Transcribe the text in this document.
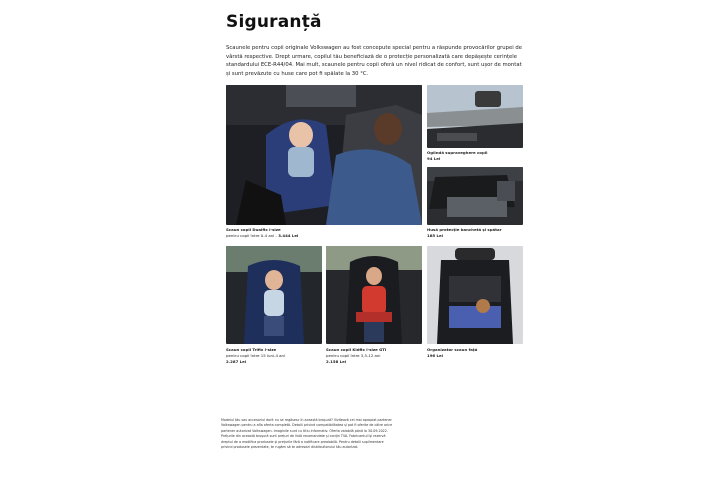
Siguranță
Scaunele pentru copii originale Volkswagen au fost concepute special pentru a răspunde provocărilor grupei de vârstă respective. Drept urmare, copilul tău beneficiază de o protecție personalizată care depășește cerințele standardului ECE-R44/04. Mai mult, scaunele pentru copii oferă un nivel ridicat de confort, sunt ușor de montat și sunt prevăzute cu huse care pot fi spălate la 30 °C.
Scaun copii Dualfix i-size
pentru copii între 0-4 ani - 3.444 Lei
Oglindă supraveghere copii
94 Lei
Husă protecție banchetă și spătar
185 Lei
Scaun copii Trifix i-size
pentru copii între 15 luni-4 ani
2.287 Lei
Scaun copii Kidfix i-size GTI
pentru copii între 3,5-12 ani
2.158 Lei
Organizator scaun față
196 Lei
Modelul tău sau accesoriul dorit nu se regăsesc în această broșură? Vizitează cel mai apropiat partener Volkswagen pentru a afla oferta completă. Detalii privind compatibilitatea și pot fi oferite de către orice partener autorizat Volkswagen. Imaginile sunt cu titlu informativ. Oferta valabilă până la 30.09.2022. Prețurile din această broșură sunt prețuri de listă recomandate și conțin TVA. Fabricantul își rezervă dreptul de a modifica produsele și prețurile fără o notificare prealabilă. Pentru detalii suplimentare privind produsele prezentate, te rugăm să te adresezi distribuitorului tău autorizat.
